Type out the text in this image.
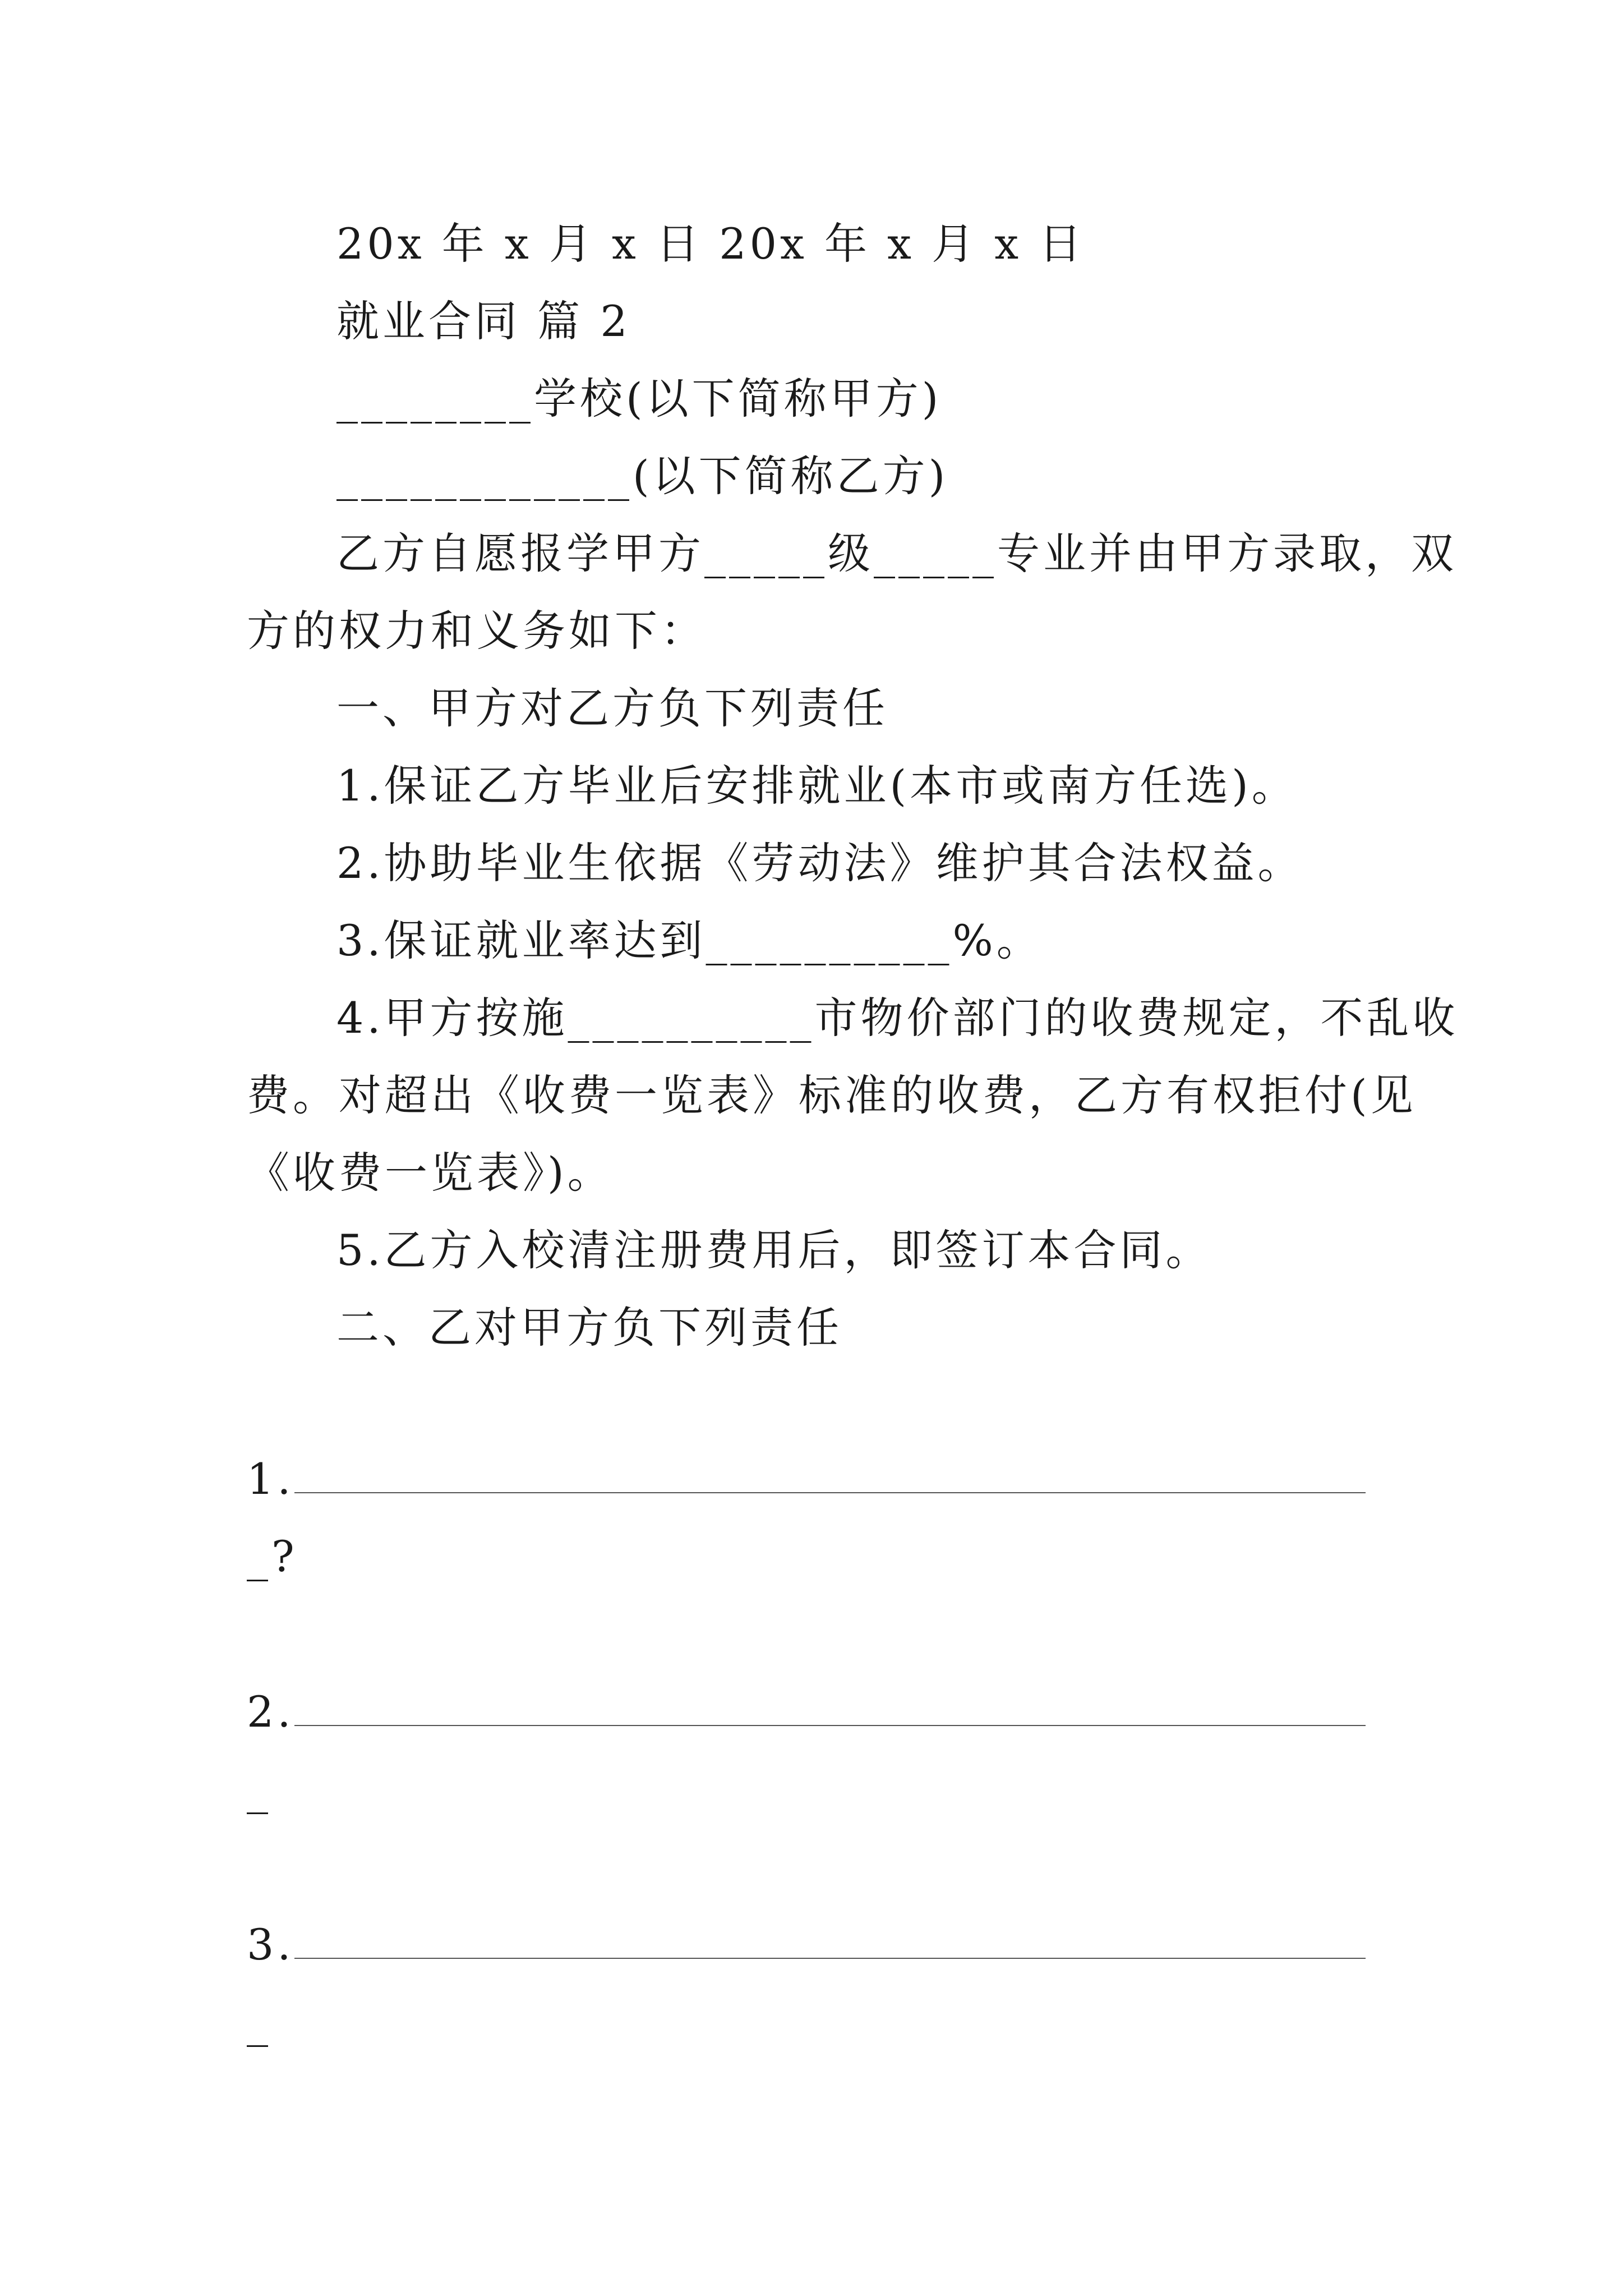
20x 年 x 月 x 日 20x 年 x 月 x 日
就业合同 篇 2
________学校(以下简称甲方)
____________(以下简称乙方)
乙方自愿报学甲方_____级_____专业并由甲方录取，双
方的权力和义务如下：
一、甲方对乙方负下列责任
1.保证乙方毕业后安排就业(本市或南方任选)。
2.协助毕业生依据《劳动法》维护其合法权益。
3.保证就业率达到__________%。
4.甲方按施__________市物价部门的收费规定，不乱收
费。对超出《收费一览表》标准的收费，乙方有权拒付(见
《收费一览表》)。
5.乙方入校清注册费用后，即签订本合同。
二、乙对甲方负下列责任
1.
_?
2.
_
3.
_
